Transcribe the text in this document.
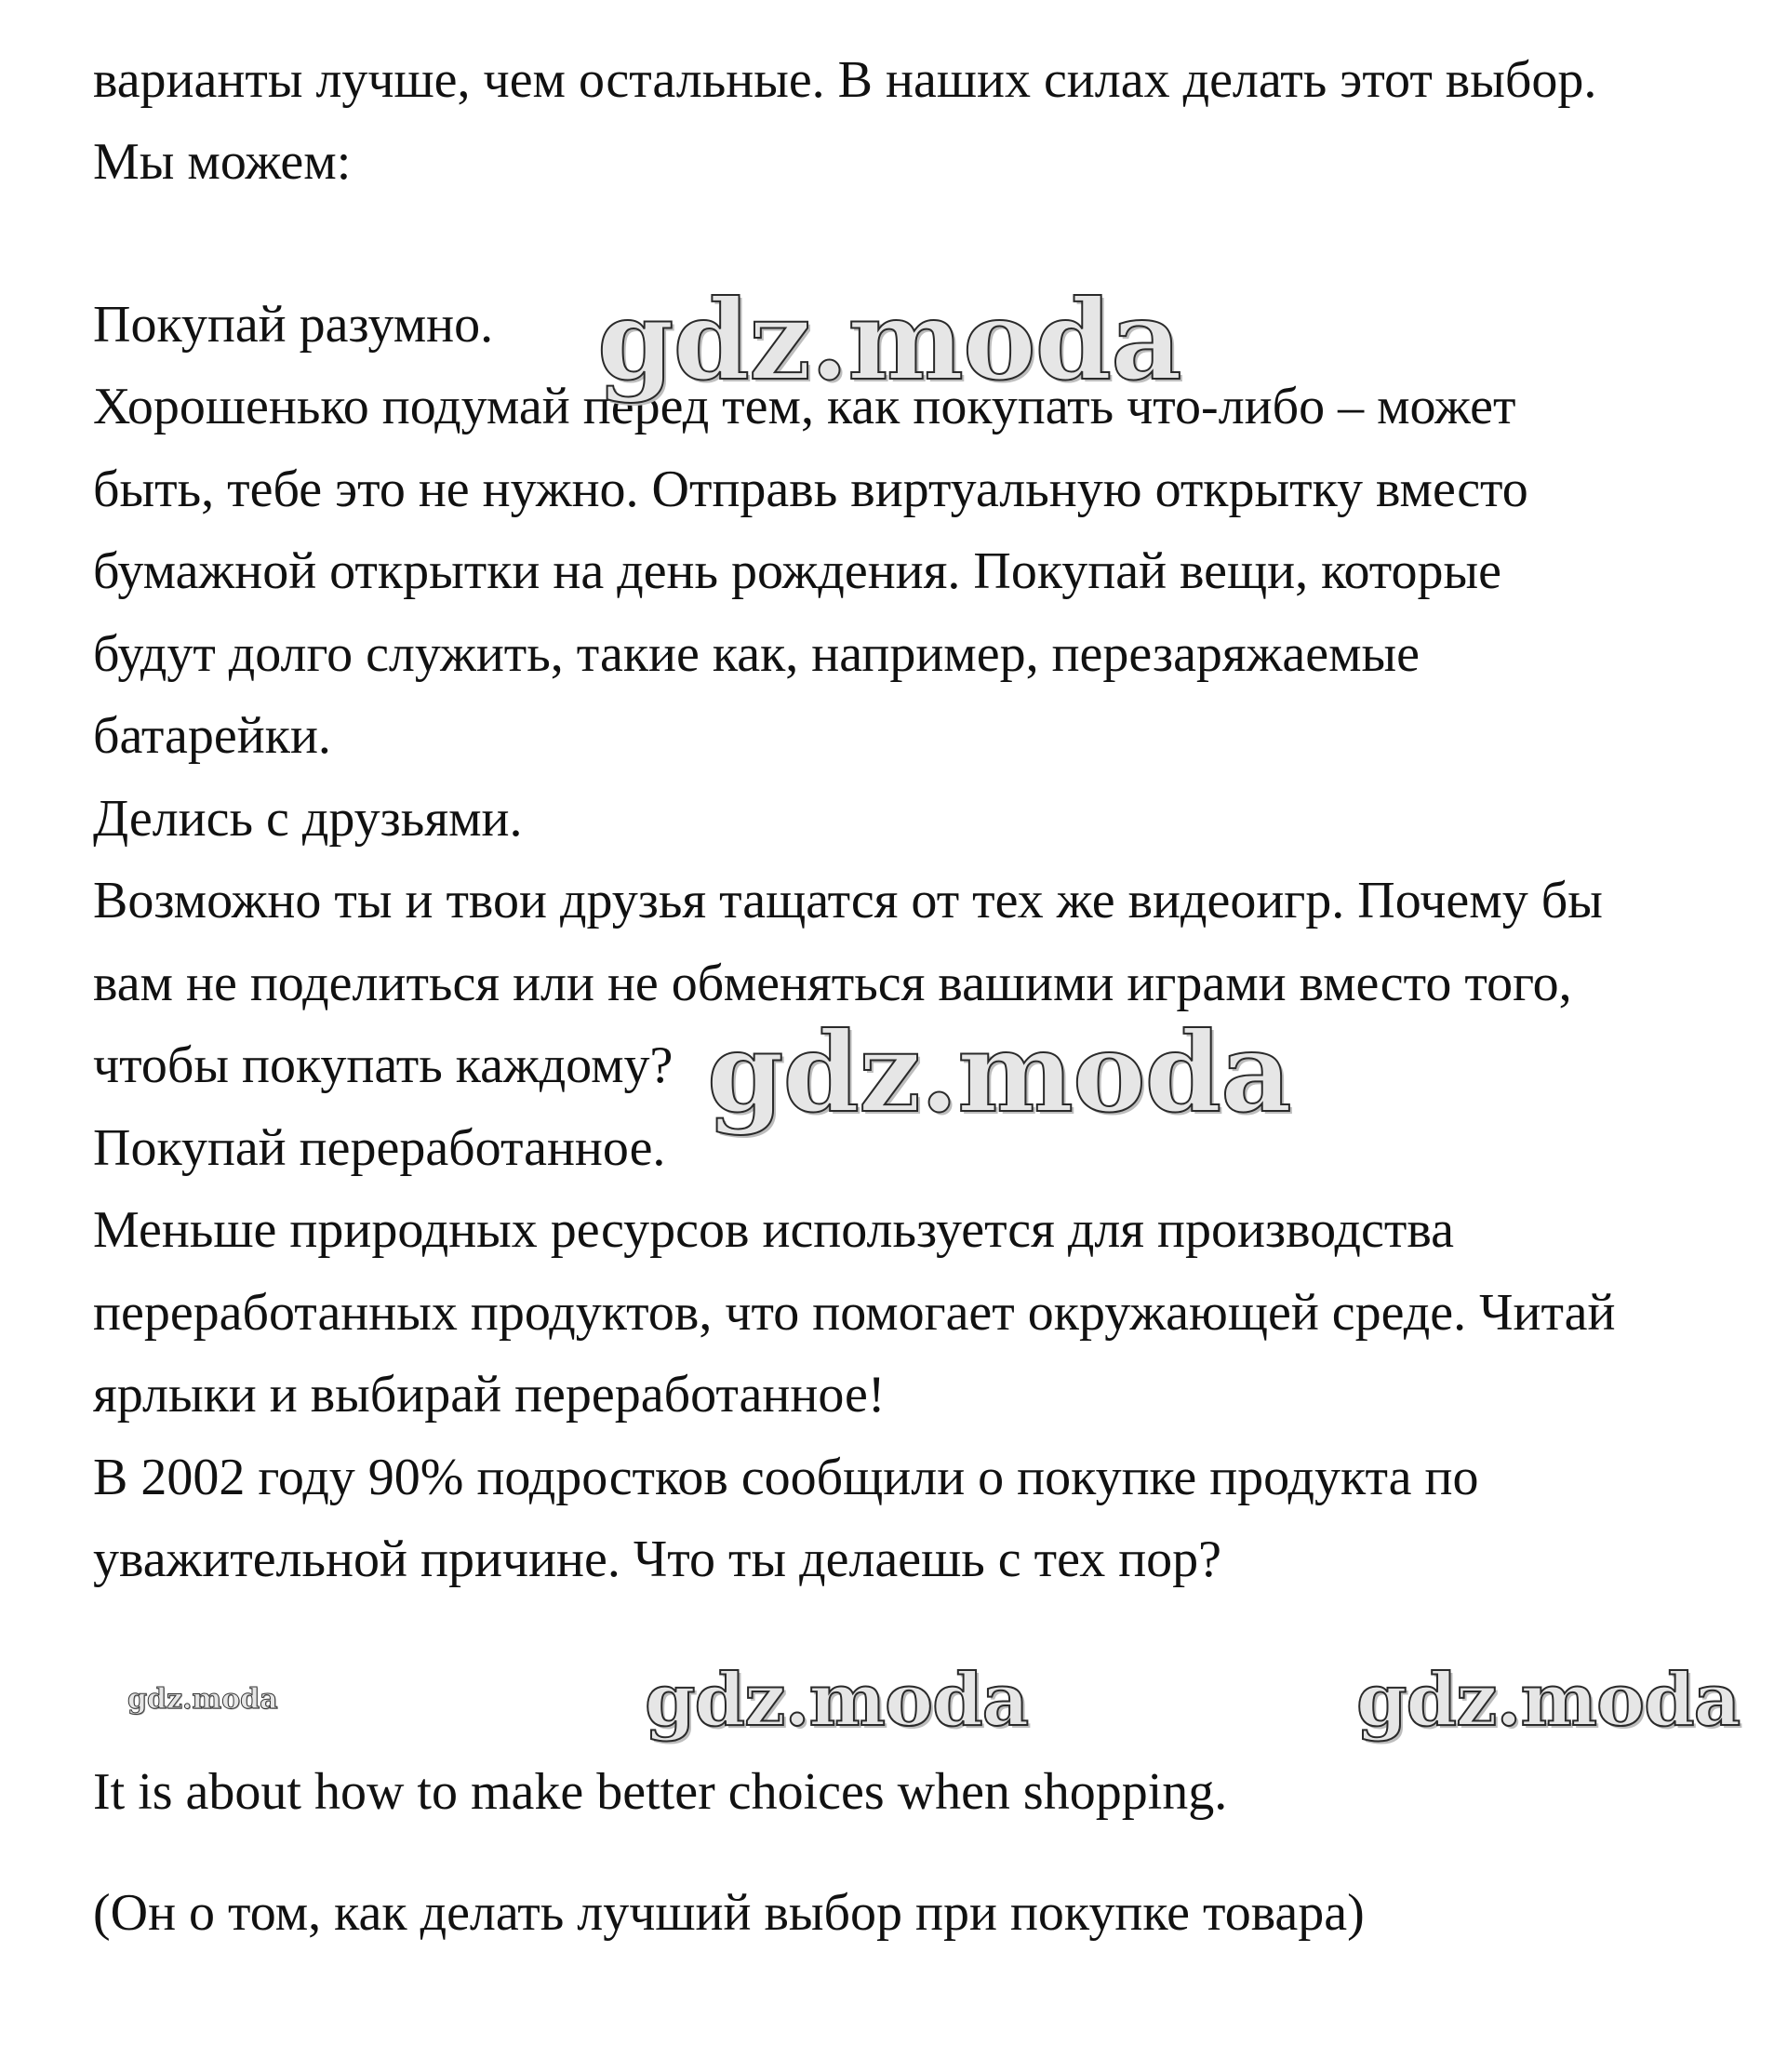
варианты лучше, чем остальные. В наших силах делать этот выбор.
Мы можем:
Покупай разумно.
Хорошенько подумай перед тем, как покупать что-либо – может
быть, тебе это не нужно. Отправь виртуальную открытку вместо
бумажной открытки на день рождения. Покупай вещи, которые
будут долго служить, такие как, например, перезаряжаемые
батарейки.
Делись с друзьями.
Возможно ты и твои друзья тащатся от тех же видеоигр. Почему бы
вам не поделиться или не обменяться вашими играми вместо того,
чтобы покупать каждому?
Покупай переработанное.
Меньше природных ресурсов используется для производства
переработанных продуктов, что помогает окружающей среде. Читай
ярлыки и выбирай переработанное!
В 2002 году 90% подростков сообщили о покупке продукта по
уважительной причине. Что ты делаешь с тех пор?
It is about how to make better choices when shopping.
(Он о том, как делать лучший выбор при покупке товара)
gdz.moda
gdz.moda
gdz.moda	gdz.moda	gdz.moda
